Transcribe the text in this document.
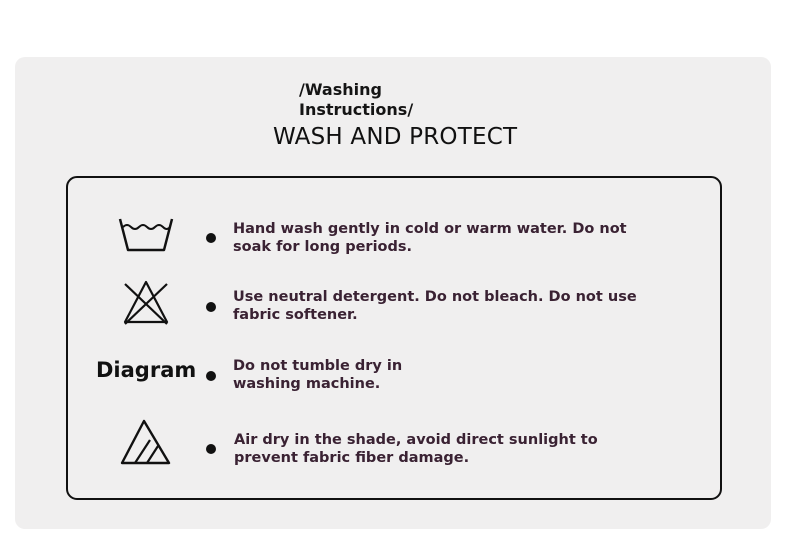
/Washing Instructions/
WASH AND PROTECT
Hand wash gently in cold or warm water. Do not soak for long periods.
Use neutral detergent. Do not bleach. Do not use fabric softener.
Diagram	Do not tumble dry in washing machine.
Air dry in the shade, avoid direct sunlight to prevent fabric fiber damage.
